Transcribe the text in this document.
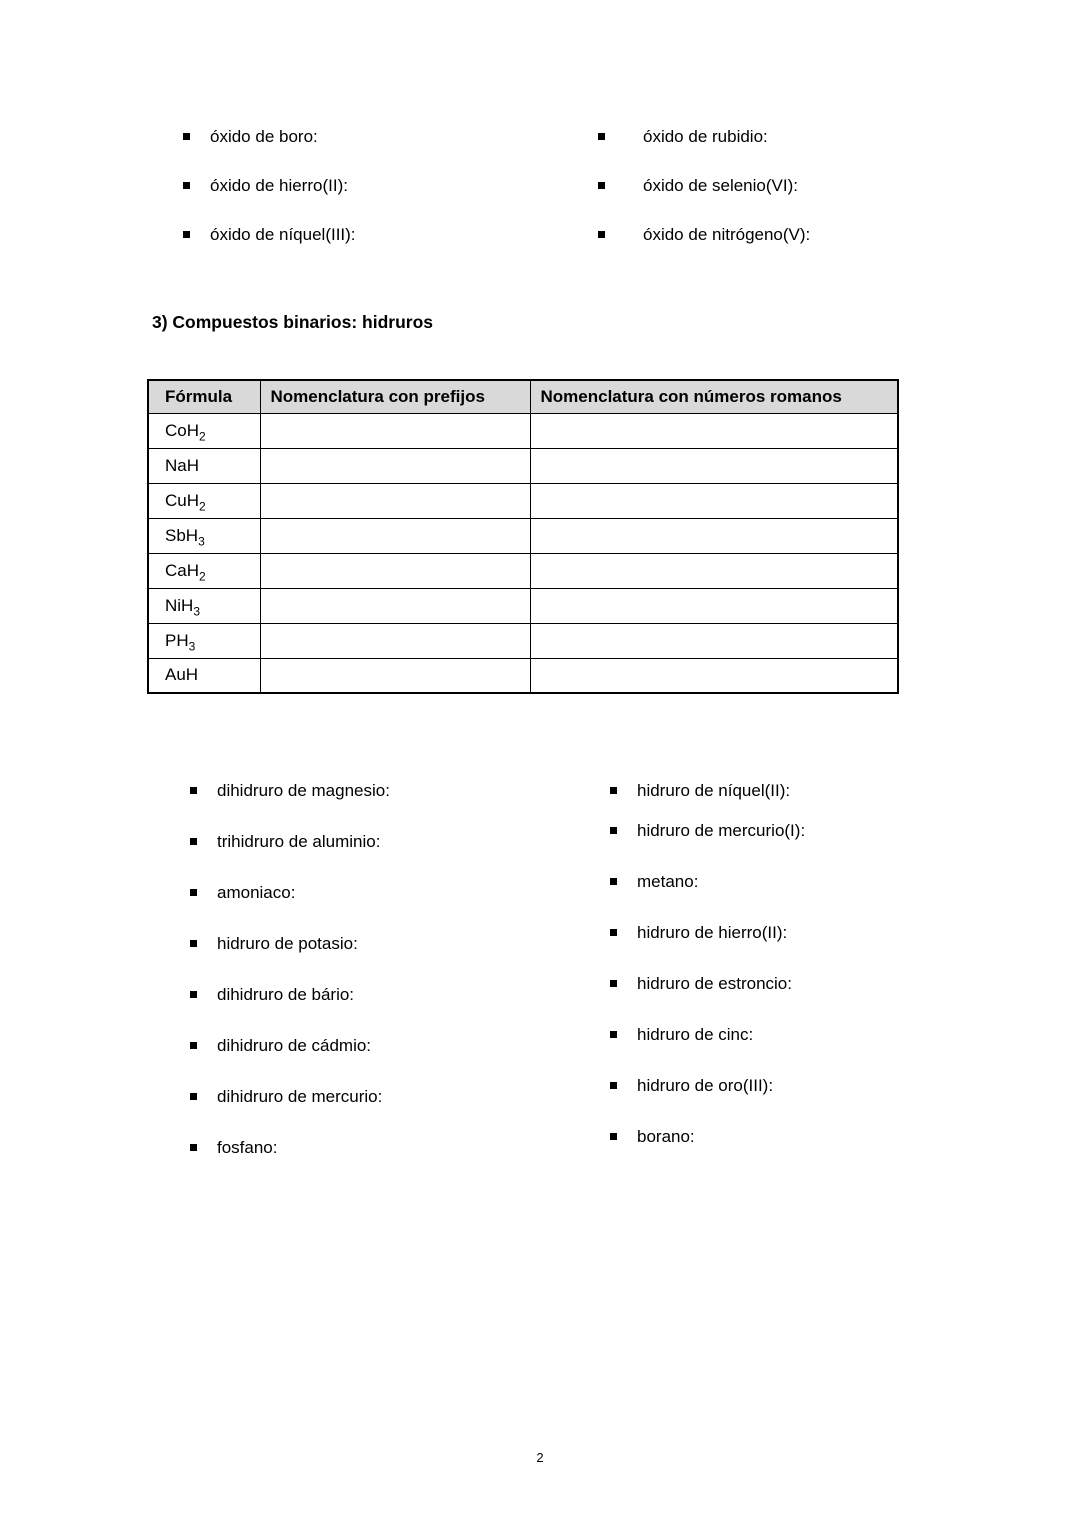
óxido de boro:
óxido de hierro(II):
óxido de níquel(III):
óxido de rubidio:
óxido de selenio(VI):
óxido de nitrógeno(V):
3) Compuestos binarios: hidruros
Fórmula	Nomenclatura con prefijos	Nomenclatura con números romanos
CoH$_2$		
NaH		
CuH$_2$		
SbH$_3$		
CaH$_2$		
NiH$_3$		
$PH_3$		
AuH		
dihidruro de magnesio:
trihidruro de aluminio:
amoniaco:
hidruro de potasio:
dihidruro de bário:
dihidruro de cádmio:
dihidruro de mercurio:
fosfano:
hidruro de níquel(II):
hidruro de mercurio(I):
metano:
hidruro de hierro(II):
hidruro de estroncio:
hidruro de cinc:
hidruro de oro(III):
borano:
2
